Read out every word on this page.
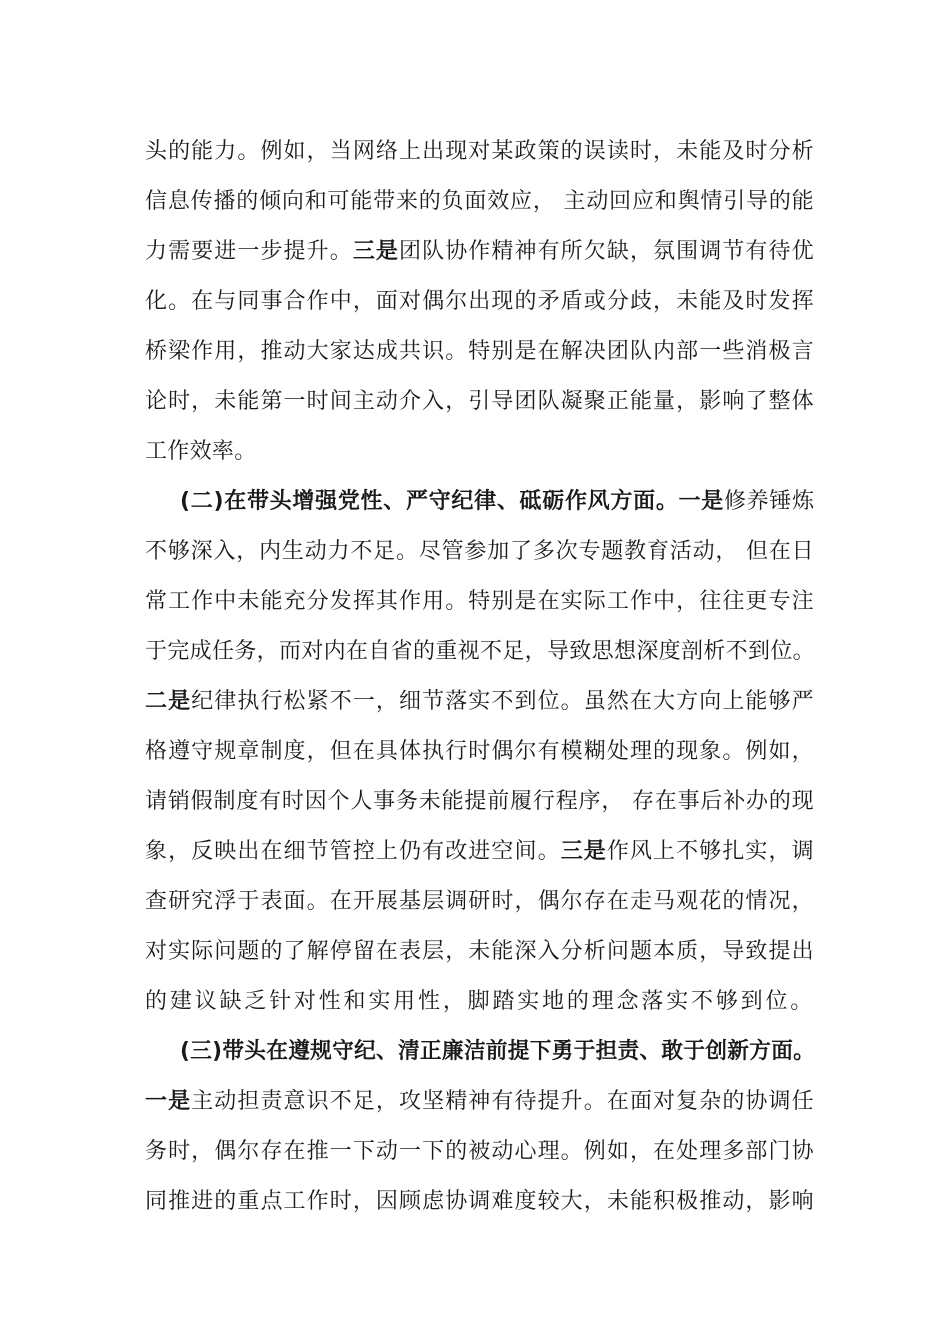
头的能力。例如，当网络上出现对某政策的误读时，未能及时分析
信息传播的倾向和可能带来的负面效应， 主动回应和舆情引导的能
力需要进一步提升。三是团队协作精神有所欠缺，氛围调节有待优
化。在与同事合作中，面对偶尔出现的矛盾或分歧，未能及时发挥
桥梁作用，推动大家达成共识。特别是在解决团队内部一些消极言
论时，未能第一时间主动介入，引导团队凝聚正能量，影响了整体
工作效率。
(二)在带头增强党性、严守纪律、砥砺作风方面。一是修养锤炼
不够深入，内生动力不足。尽管参加了多次专题教育活动， 但在日
常工作中未能充分发挥其作用。特别是在实际工作中，往往更专注
于完成任务，而对内在自省的重视不足，导致思想深度剖析不到位。
二是纪律执行松紧不一，细节落实不到位。虽然在大方向上能够严
格遵守规章制度，但在具体执行时偶尔有模糊处理的现象。例如，
请销假制度有时因个人事务未能提前履行程序， 存在事后补办的现
象，反映出在细节管控上仍有改进空间。三是作风上不够扎实，调
查研究浮于表面。在开展基层调研时，偶尔存在走马观花的情况，
对实际问题的了解停留在表层，未能深入分析问题本质，导致提出
的建议缺乏针对性和实用性，脚踏实地的理念落实不够到位。
(三)带头在遵规守纪、清正廉洁前提下勇于担责、敢于创新方面。
一是主动担责意识不足，攻坚精神有待提升。在面对复杂的协调任
务时，偶尔存在推一下动一下的被动心理。例如，在处理多部门协
同推进的重点工作时，因顾虑协调难度较大，未能积极推动，影响
